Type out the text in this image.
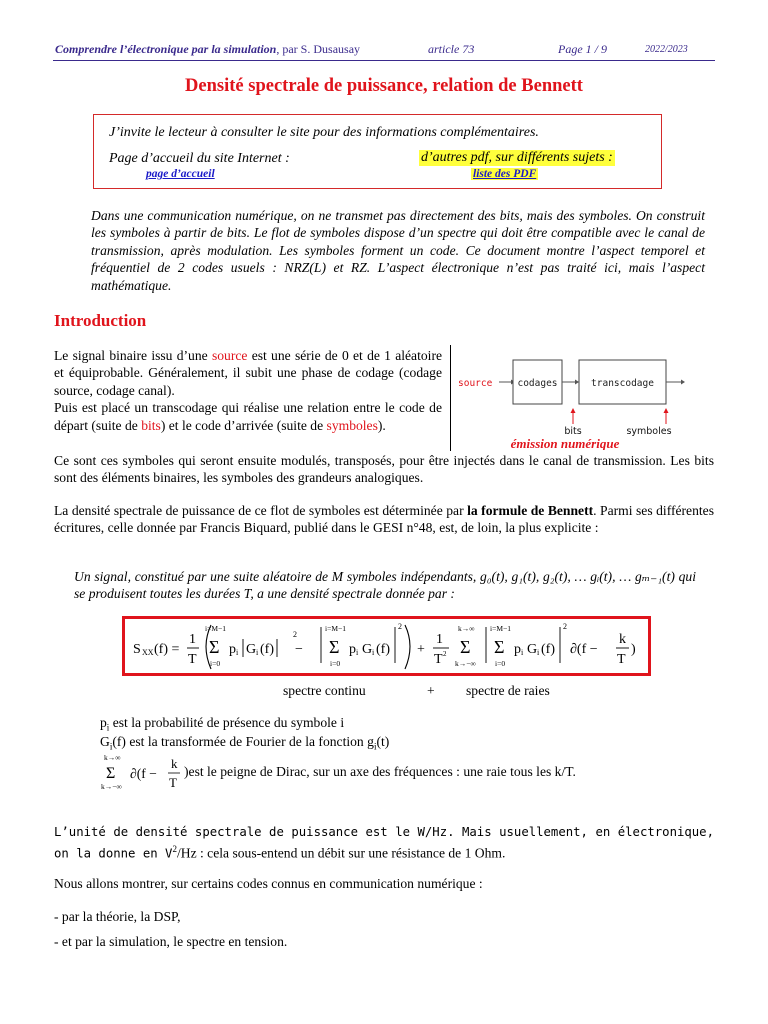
Comprendre l’électronique par la simulation, par S. Dusausay	article 73	Page 1 / 9	2022/2023
Densité spectrale de puissance, relation de Bennett
J’invite le lecteur à consulter le site pour des informations complémentaires.
Page d’accueil du site Internet :	d’autres pdf, sur différents sujets :
page d’accueil	liste des PDF
Dans une communication numérique, on ne transmet pas directement des bits, mais des symboles. On construit les symboles à partir de bits. Le flot de symboles dispose d’un spectre qui doit être compatible avec le canal de transmission, après modulation. Les symboles forment un code. Ce document montre l’aspect temporel et fréquentiel de 2 codes usuels : NRZ(L) et RZ. L’aspect électronique n’est pas traité ici, mais l’aspect mathématique.
Introduction
Le signal binaire issu d’une source est une série de 0 et de 1 aléatoire et équiprobable. Généralement, il subit une phase de codage (codage source, codage canal).
Puis est placé un transcodage qui réalise une relation entre le code de départ (suite de bits) et le code d’arrivée (suite de symboles).
source	codages	transcodage
bits	symboles
émission numérique
Ce sont ces symboles qui seront ensuite modulés, transposés, pour être injectés dans le canal de transmission. Les bits sont des éléments binaires, les symboles des grandeurs analogiques.
La densité spectrale de puissance de ce flot de symboles est déterminée par la formule de Bennett. Parmi ses différentes écritures, celle donnée par Francis Biquard, publié dans le GESI n°48, est, de loin, la plus explicite :
Un signal, constitué par une suite aléatoire de M symboles indépendants, g₀(t), g₁(t), g₂(t), … gᵢ(t), … gₘ₋₁(t) qui se produisent toutes les durées T, a une densité spectrale donnée par :
S XX (f) =
1
T
i=M−1
Σ
i=0
p i G i (f)
2
−
i=M−1
Σ
i=0
p i G i (f)
2
+
1
T 2
k→∞
Σ
k→−∞
i=M−1
Σ
i=0
p i G i (f)
2
∂(f −
k
T
)
spectre continu	+ spectre de raies
$p_i$ est la probabilité de présence du symbole i
$G_i(f)$ est la transformée de Fourier de la fonction $g_i(t)$
k→∞
Σ
k→−∞
∂(f −
k
T
)est le peigne de Dirac, sur un axe des fréquences : une raie tous les k/T.
L’unité de densité spectrale de puissance est le W/Hz. Mais usuellement, en électronique, on la donne en $V^2/Hz$ : cela sous-entend un débit sur une résistance de 1 Ohm.
Nous allons montrer, sur certains codes connus en communication numérique :
- par la théorie, la DSP,
- et par la simulation, le spectre en tension.
